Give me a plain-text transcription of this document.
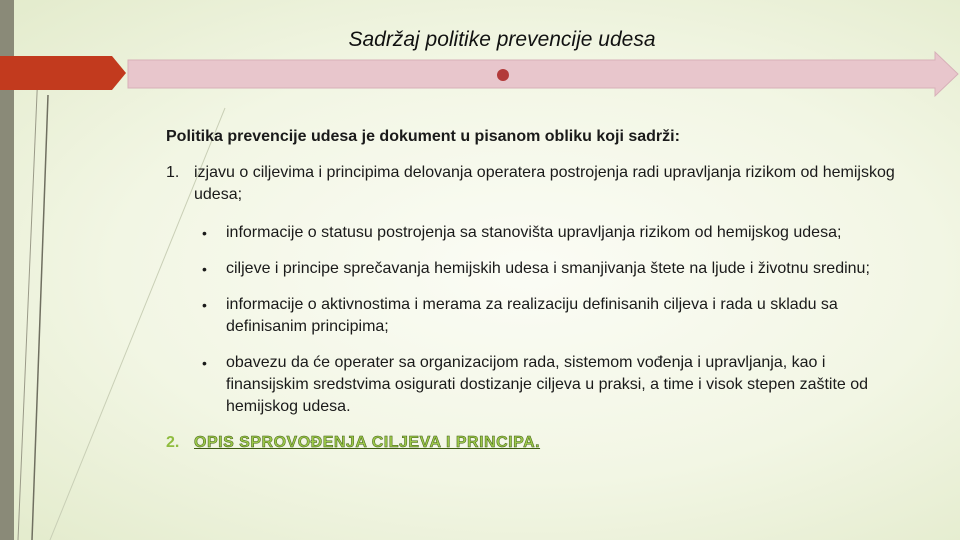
Sadržaj politike prevencije udesa

Politika prevencije udesa je dokument u pisanom obliku koji sadrži:

1. izjavu o ciljevima i principima delovanja operatera postrojenja radi upravljanja rizikom od hemijskog udesa;
•	informacije o statusu postrojenja sa stanovišta upravljanja rizikom od hemijskog udesa;
•	ciljeve i principe sprečavanja hemijskih udesa i smanjivanja štete na ljude i životnu sredinu;
•	informacije o aktivnostima i merama za realizaciju definisanih ciljeva i rada u skladu sa definisanim principima;
•	obavezu da će operater sa organizacijom rada, sistemom vođenja i upravljanja, kao i finansijskim sredstvima osigurati dostizanje ciljeva u praksi, a time i visok stepen zaštite od hemijskog udesa.
2. OPIS SPROVOĐENJA CILJEVA I PRINCIPA.
